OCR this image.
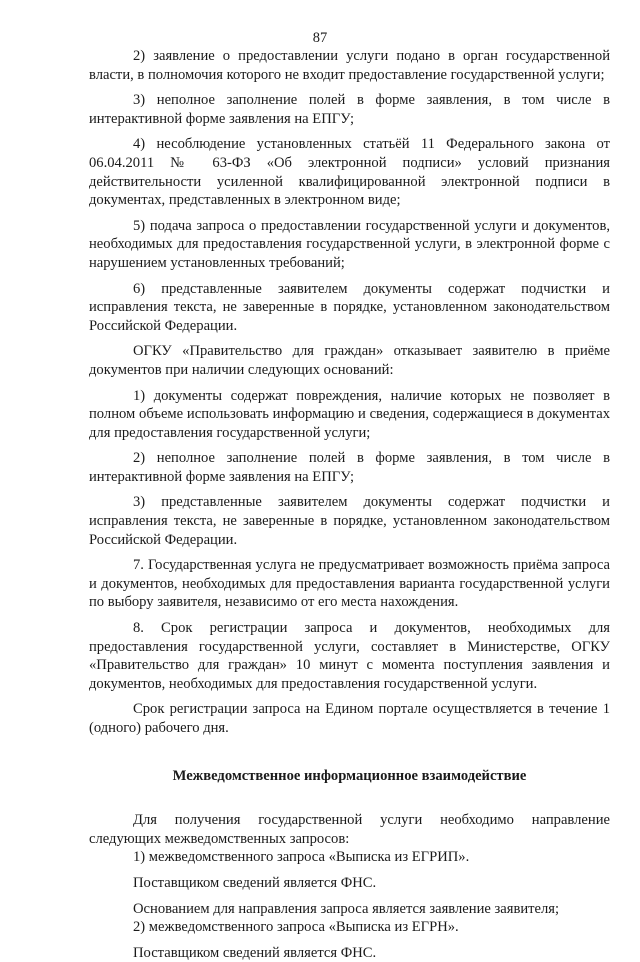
87

2) заявление о предоставлении услуги подано в орган государственной власти, в полномочия которого не входит предоставление государственной услуги;

3) неполное заполнение полей в форме заявления, в том числе в интерактивной форме заявления на ЕПГУ;

4) несоблюдение установленных статьёй 11 Федерального закона от 06.04.2011 № 63-ФЗ «Об электронной подписи» условий признания действительности усиленной квалифицированной электронной подписи в документах, представленных в электронном виде;

5) подача запроса о предоставлении государственной услуги и документов, необходимых для предоставления государственной услуги, в электронной форме с нарушением установленных требований;

6) представленные заявителем документы содержат подчистки и исправления текста, не заверенные в порядке, установленном законодательством Российской Федерации.

ОГКУ «Правительство для граждан» отказывает заявителю в приёме документов при наличии следующих оснований:

1) документы содержат повреждения, наличие которых не позволяет в полном объеме использовать информацию и сведения, содержащиеся в документах для предоставления государственной услуги;

2) неполное заполнение полей в форме заявления, в том числе в интерактивной форме заявления на ЕПГУ;

3) представленные заявителем документы содержат подчистки и исправления текста, не заверенные в порядке, установленном законодательством Российской Федерации.

7. Государственная услуга не предусматривает возможность приёма запроса и документов, необходимых для предоставления варианта государственной услуги по выбору заявителя, независимо от его места нахождения.

8. Срок регистрации запроса и документов, необходимых для предоставления государственной услуги, составляет в Министерстве, ОГКУ «Правительство для граждан» 10 минут с момента поступления заявления и документов, необходимых для предоставления государственной услуги.

Срок регистрации запроса на Едином портале осуществляется в течение 1 (одного) рабочего дня.

Межведомственное информационное взаимодействие

Для получения государственной услуги необходимо направление следующих межведомственных запросов:

1) межведомственного запроса «Выписка из ЕГРИП».

Поставщиком сведений является ФНС.

Основанием для направления запроса является заявление заявителя;

2) межведомственного запроса «Выписка из ЕГРН».

Поставщиком сведений является ФНС.
